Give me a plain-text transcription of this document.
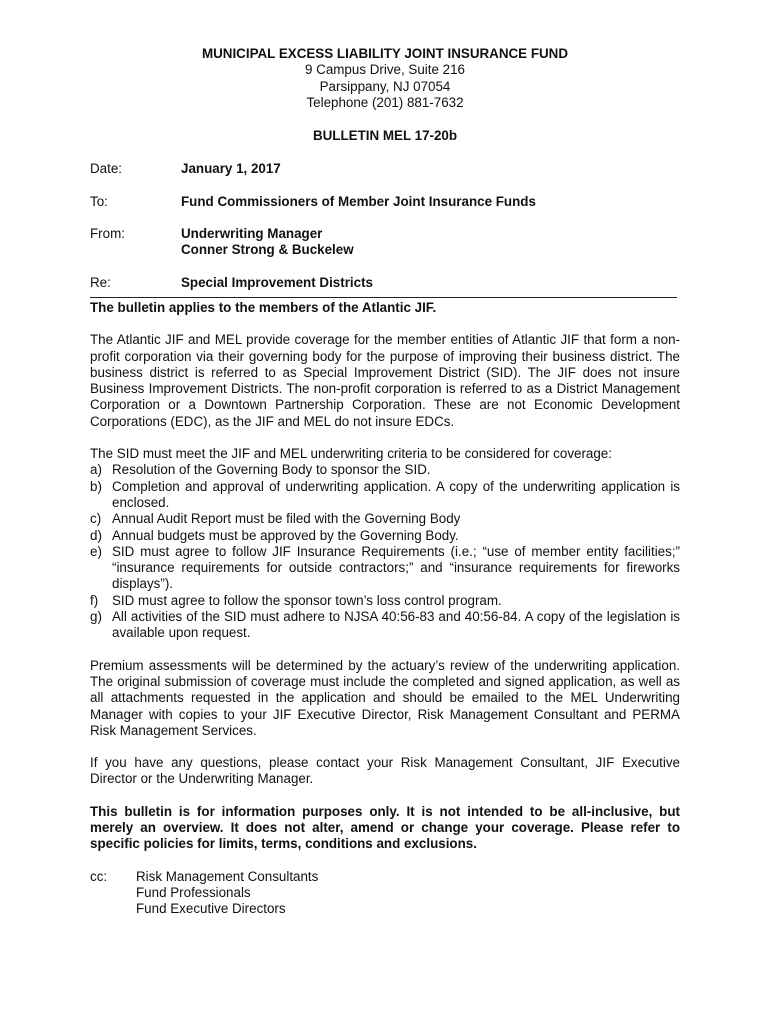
MUNICIPAL EXCESS LIABILITY JOINT INSURANCE FUND
9 Campus Drive, Suite 216
Parsippany, NJ 07054
Telephone (201) 881-7632
BULLETIN MEL 17-20b
Date:	January 1, 2017
To:	Fund Commissioners of Member Joint Insurance Funds
From:	Underwriting Manager
Conner Strong & Buckelew
Re:	Special Improvement Districts
The bulletin applies to the members of the Atlantic JIF.

The Atlantic JIF and MEL provide coverage for the member entities of Atlantic JIF that form a non-profit corporation via their governing body for the purpose of improving their business district. The business district is referred to as Special Improvement District (SID). The JIF does not insure Business Improvement Districts. The non-profit corporation is referred to as a District Management Corporation or a Downtown Partnership Corporation. These are not Economic Development Corporations (EDC), as the JIF and MEL do not insure EDCs.

The SID must meet the JIF and MEL underwriting criteria to be considered for coverage:

a) Resolution of the Governing Body to sponsor the SID.
b) Completion and approval of underwriting application. A copy of the underwriting application is enclosed.
c) Annual Audit Report must be filed with the Governing Body
d) Annual budgets must be approved by the Governing Body.
e) SID must agree to follow JIF Insurance Requirements (i.e.; “use of member entity facilities;” “insurance requirements for outside contractors;” and “insurance requirements for fireworks displays”).
f)	SID must agree to follow the sponsor town’s loss control program.
g) All activities of the SID must adhere to NJSA 40:56-83 and 40:56-84. A copy of the legislation is available upon request.

Premium assessments will be determined by the actuary’s review of the underwriting application. The original submission of coverage must include the completed and signed application, as well as all attachments requested in the application and should be emailed to the MEL Underwriting Manager with copies to your JIF Executive Director, Risk Management Consultant and PERMA Risk Management Services.

If you have any questions, please contact your Risk Management Consultant, JIF Executive Director or the Underwriting Manager.

This bulletin is for information purposes only. It is not intended to be all-inclusive, but merely an overview. It does not alter, amend or change your coverage. Please refer to specific policies for limits, terms, conditions and exclusions.

cc:	Risk Management Consultants
Fund Professionals
Fund Executive Directors
